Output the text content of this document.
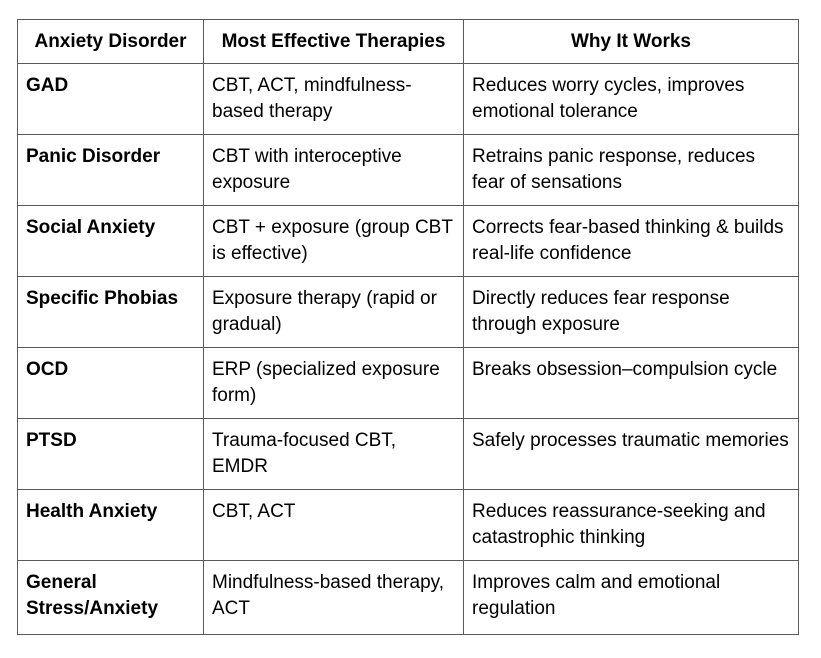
Anxiety Disorder	Most Effective Therapies	Why It Works
GAD	CBT, ACT, mindfulness-based therapy	Reduces worry cycles, improves emotional tolerance
Panic Disorder	CBT with interoceptive exposure	Retrains panic response, reduces fear of sensations
Social Anxiety	CBT + exposure (group CBT is effective)	Corrects fear-based thinking & builds real-life confidence
Specific Phobias	Exposure therapy (rapid or gradual)	Directly reduces fear response through exposure
OCD	ERP (specialized exposure form)	Breaks obsession–compulsion cycle
PTSD	Trauma-focused CBT, EMDR	Safely processes traumatic memories
Health Anxiety	CBT, ACT	Reduces reassurance-seeking and catastrophic thinking
General Stress/Anxiety	Mindfulness-based therapy, ACT	Improves calm and emotional regulation
